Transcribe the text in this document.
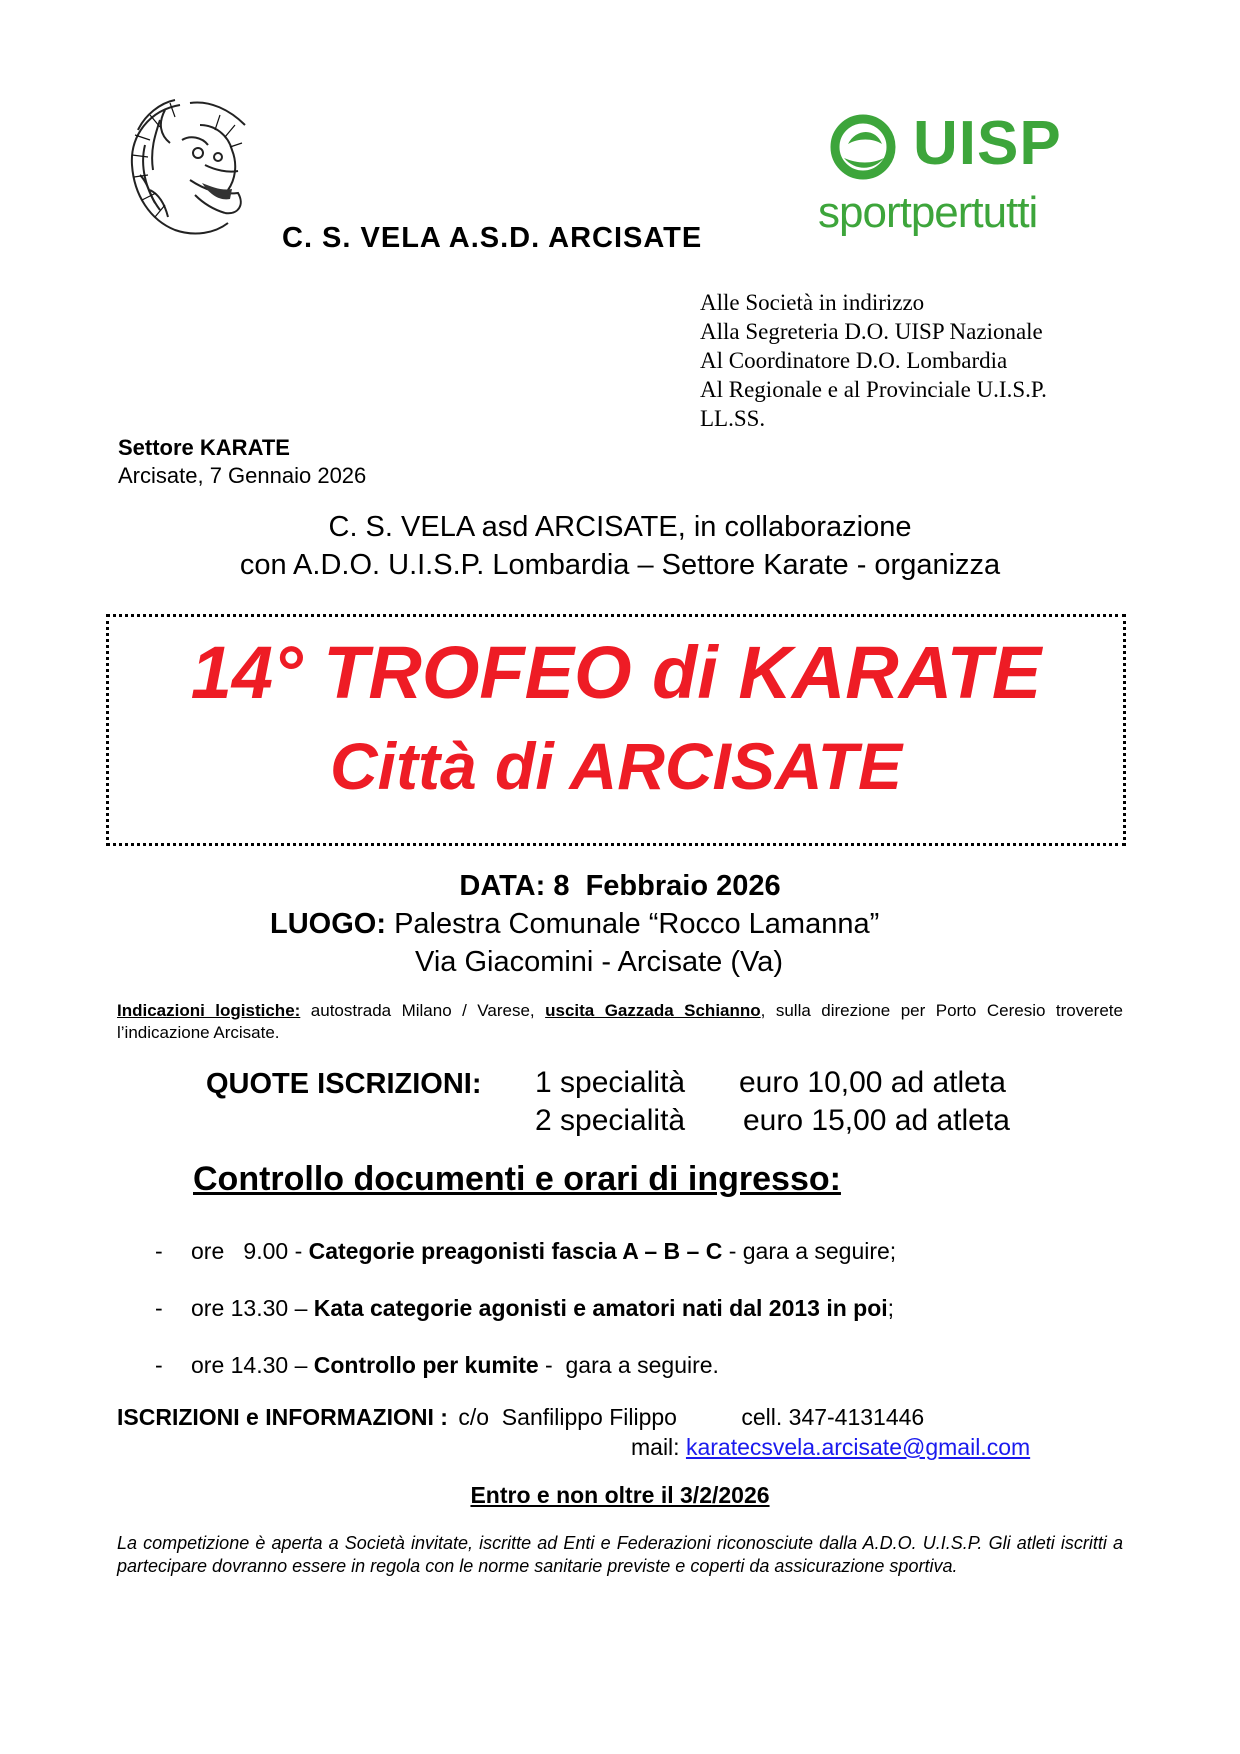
C. S. VELA A.S.D. ARCISATE
UISP
sportpertutti
Alle Società in indirizzo
Alla Segreteria D.O. UISP Nazionale
Al Coordinatore D.O. Lombardia
Al Regionale e al Provinciale U.I.S.P.
LL.SS.
Settore KARATE
Arcisate, 7 Gennaio 2026
C. S. VELA asd ARCISATE, in collaborazione
con A.D.O. U.I.S.P. Lombardia – Settore Karate - organizza
14° TROFEO di KARATE
Città di ARCISATE
DATA: 8  Febbraio 2026
LUOGO: Palestra Comunale “Rocco Lamanna”
Via Giacomini - Arcisate (Va)
Indicazioni logistiche: autostrada Milano / Varese, uscita Gazzada Schianno, sulla direzione per Porto Ceresio troverete l’indicazione Arcisate.
QUOTE ISCRIZIONI: 1 specialità euro 10,00 ad atleta
2 specialità euro 15,00 ad atleta
Controllo documenti e orari di ingresso:
- ore   9.00 - Categorie preagonisti fascia A – B – C - gara a seguire;
- ore 13.30 – Kata categorie agonisti e amatori nati dal 2013 in poi;
- ore 14.30 – Controllo per kumite -  gara a seguire.
ISCRIZIONI e INFORMAZIONI : c/o  Sanfilippo Filippo	cell. 347-4131446
mail: karatecsvela.arcisate@gmail.com
Entro e non oltre il 3/2/2026
La competizione è aperta a Società invitate, iscritte ad Enti e Federazioni riconosciute dalla A.D.O. U.I.S.P. Gli atleti iscritti a partecipare dovranno essere in regola con le norme sanitarie previste e coperti da assicurazione sportiva.
